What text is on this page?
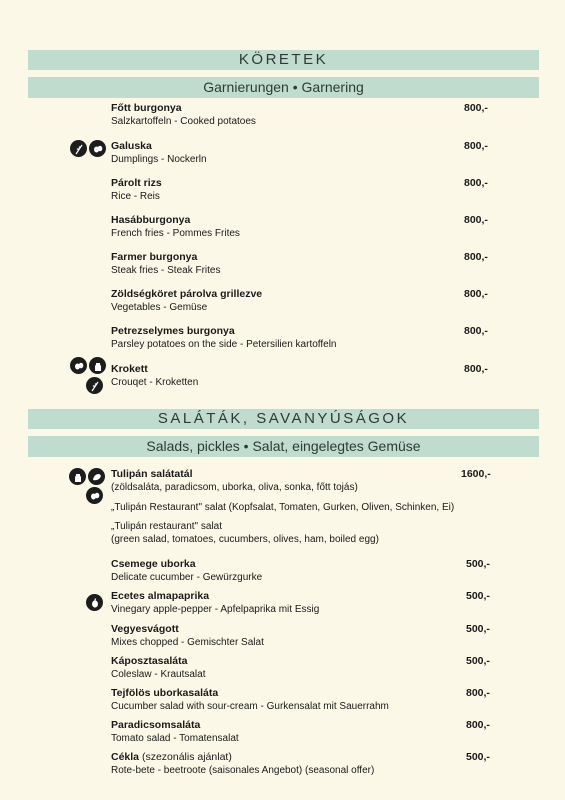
KÖRETEK
Garnierungen • Garnering
Főtt burgonya
Salzkartoffeln - Cooked potatoes
800,-
Galuska
Dumplings - Nockerln
800,-
Párolt rizs
Rice - Reis
800,-
Hasábburgonya
French fries - Pommes Frites
800,-
Farmer burgonya
Steak fries - Steak Frites
800,-
Zöldségköret párolva grillezve
Vegetables - Gemüse
800,-
Petrezselymes burgonya
Parsley potatoes on the side - Petersilien kartoffeln
800,-
Krokett
Crouqet - Kroketten
800,-
SALÁTÁK, SAVANYÚSÁGOK
Salads, pickles • Salat, eingelegtes Gemüse
Tulipán salátatál
(zöldsaláta, paradicsom, uborka, oliva, sonka, főtt tojás)
1600,-
„Tulipán Restaurant" salat (Kopfsalat, Tomaten, Gurken, Oliven, Schinken, Ei)
„Tulipán restaurant" salat
(green salad, tomatoes, cucumbers, olives, ham, boiled egg)
Csemege uborka
Delicate cucumber - Gewürzgurke
500,-
Ecetes almapaprika
Vinegary apple-pepper - Apfelpaprika mit Essig
500,-
Vegyesvágott
Mixes chopped - Gemischter Salat
500,-
Káposztasaláta
Coleslaw - Krautsalat
500,-
Tejfölös uborkasaláta
Cucumber salad with sour-cream - Gurkensalat mit Sauerrahm
800,-
Paradicsomsaláta
Tomato salad - Tomatensalat
800,-
Cékla (szezonális ajánlat)
Rote-bete - beetroote (saisonales Angebot) (seasonal offer)
500,-
